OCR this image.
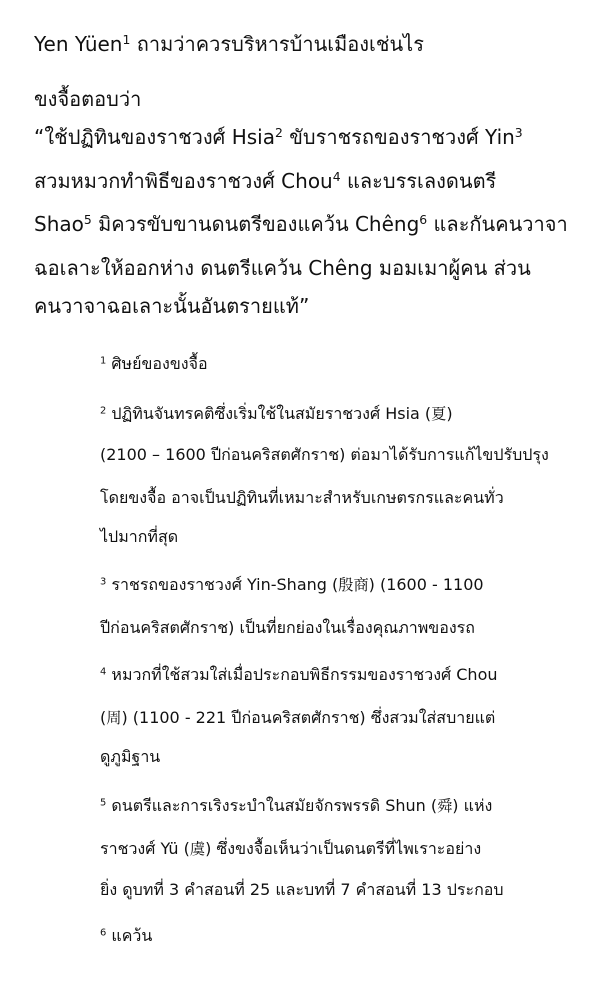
Yen Yüen$^1$ ถามว่าควรบริหารบ้านเมืองเช่นไร
ขงจื้อตอบว่า
“ใช้ปฏิทินของราชวงศ์ Hsia$^2$ ขับราชรถของราชวงศ์ Yin$^3$
สวมหมวกทำพิธีของราชวงศ์ Chou$^4$ และบรรเลงดนตรี
Shao$^5$ มิควรขับขานดนตรีของแคว้น Chêng$^6$ และกันคนวาจา
ฉอเลาะให้ออกห่าง ดนตรีแคว้น Chêng มอมเมาผู้คน ส่วน
คนวาจาฉอเลาะนั้นอันตรายแท้”
$^1$ ศิษย์ของขงจื้อ
$^2$ ปฏิทินจันทรคติซึ่งเริ่มใช้ในสมัยราชวงศ์ Hsia (夏)
(2100 – 1600 ปีก่อนคริสตศักราช) ต่อมาได้รับการแก้ไขปรับปรุง
โดยขงจื้อ อาจเป็นปฏิทินที่เหมาะสำหรับเกษตรกรและคนทั่ว
ไปมากที่สุด
$^3$ ราชรถของราชวงศ์ Yin-Shang (殷商) (1600 - 1100
ปีก่อนคริสตศักราช) เป็นที่ยกย่องในเรื่องคุณภาพของรถ
$^4$ หมวกที่ใช้สวมใส่เมื่อประกอบพิธีกรรมของราชวงศ์ Chou
(周) (1100 - 221 ปีก่อนคริสตศักราช) ซึ่งสวมใส่สบายแต่
ดูภูมิฐาน
$^5$ ดนตรีและการเริงระบำในสมัยจักรพรรดิ Shun (舜) แห่ง
ราชวงศ์ Yü (虞) ซึ่งขงจื้อเห็นว่าเป็นดนตรีที่ไพเราะอย่าง
ยิ่ง ดูบทที่ 3 คำสอนที่ 25 และบทที่ 7 คำสอนที่ 13 ประกอบ
$^6$ แคว้น
